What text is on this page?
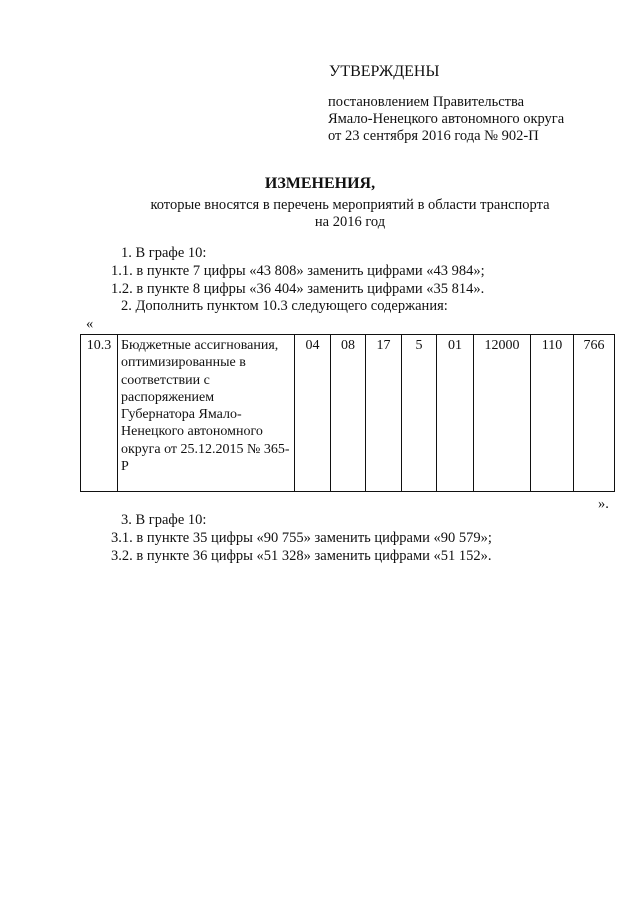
УТВЕРЖДЕНЫ
постановлением Правительства
Ямало-Ненецкого автономного округа
от 23 сентября 2016 года № 902-П
ИЗМЕНЕНИЯ,
которые вносятся в перечень мероприятий в области транспорта
на 2016 год
1. В графе 10:
1.1. в пункте 7 цифры «43 808» заменить цифрами «43 984»;
1.2. в пункте 8 цифры «36 404» заменить цифрами «35 814».
2. Дополнить пунктом 10.3 следующего содержания:
«
10.3	Бюджетные ассигнования, оптимизированные в соответствии с распоряжением Губернатора Ямало-Ненецкого автономного округа от 25.12.2015 № 365-Р	04	08	17	5	01	12000	110	766
».
3. В графе 10:
3.1. в пункте 35 цифры «90 755» заменить цифрами «90 579»;
3.2. в пункте 36 цифры «51 328» заменить цифрами «51 152».
